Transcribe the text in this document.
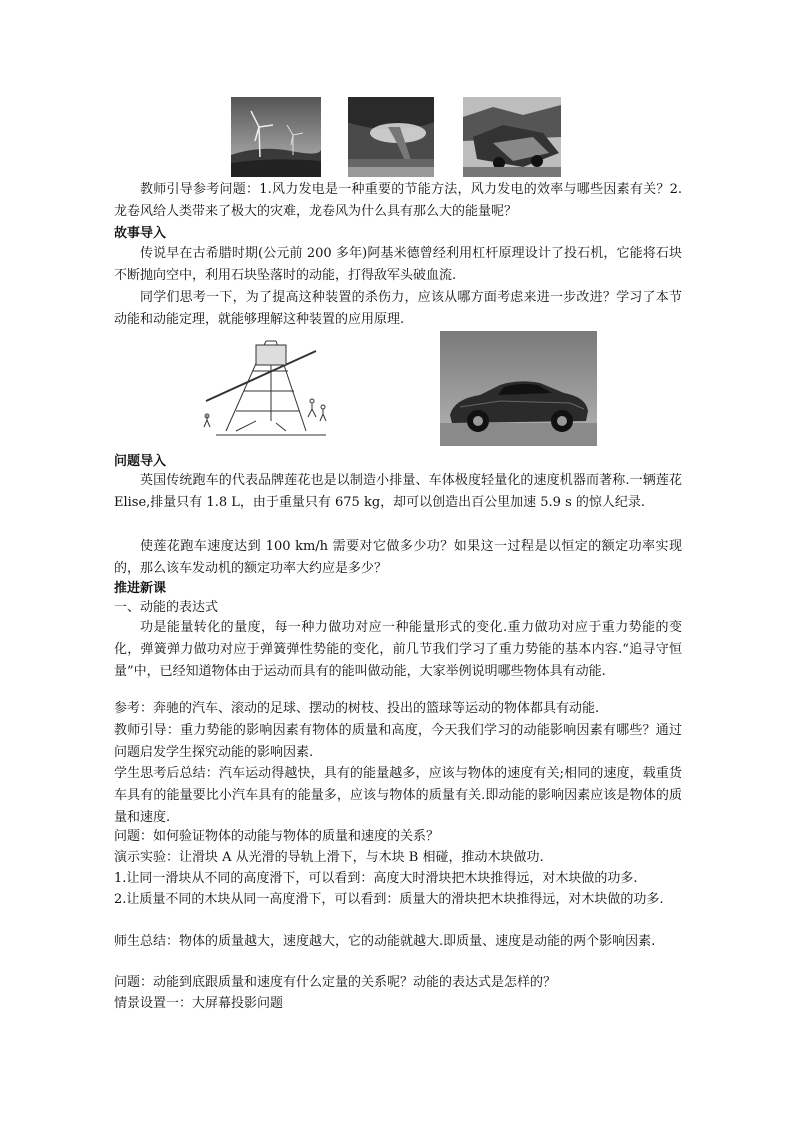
教师引导参考问题：1.风力发电是一种重要的节能方法，风力发电的效率与哪些因素有关？2.龙卷风给人类带来了极大的灾难，龙卷风为什么具有那么大的能量呢？

故事导入

传说早在古希腊时期(公元前 200 多年)阿基米德曾经利用杠杆原理设计了投石机，它能将石块不断抛向空中，利用石块坠落时的动能，打得敌军头破血流.

同学们思考一下，为了提高这种装置的杀伤力，应该从哪方面考虑来进一步改进？学习了本节动能和动能定理，就能够理解这种装置的应用原理.

问题导入

英国传统跑车的代表品牌莲花也是以制造小排量、车体极度轻量化的速度机器而著称.一辆莲花 Elise,排量只有 1.8 L，由于重量只有 675 kg，却可以创造出百公里加速 5.9 s 的惊人纪录.

使莲花跑车速度达到 100 km/h 需要对它做多少功？如果这一过程是以恒定的额定功率实现的，那么该车发动机的额定功率大约应是多少？

推进新课

一、动能的表达式

功是能量转化的量度，每一种力做功对应一种能量形式的变化.重力做功对应于重力势能的变化，弹簧弹力做功对应于弹簧弹性势能的变化，前几节我们学习了重力势能的基本内容.“追寻守恒量”中，已经知道物体由于运动而具有的能叫做动能，大家举例说明哪些物体具有动能.

参考：奔驰的汽车、滚动的足球、摆动的树枝、投出的篮球等运动的物体都具有动能.

教师引导：重力势能的影响因素有物体的质量和高度，今天我们学习的动能影响因素有哪些？通过问题启发学生探究动能的影响因素.

学生思考后总结：汽车运动得越快，具有的能量越多，应该与物体的速度有关;相同的速度，载重货车具有的能量要比小汽车具有的能量多，应该与物体的质量有关.即动能的影响因素应该是物体的质量和速度.

问题：如何验证物体的动能与物体的质量和速度的关系？

演示实验：让滑块 A 从光滑的导轨上滑下，与木块 B 相碰，推动木块做功.

1.让同一滑块从不同的高度滑下，可以看到：高度大时滑块把木块推得远，对木块做的功多.

2.让质量不同的木块从同一高度滑下，可以看到：质量大的滑块把木块推得远，对木块做的功多.

师生总结：物体的质量越大，速度越大，它的动能就越大.即质量、速度是动能的两个影响因素.

问题：动能到底跟质量和速度有什么定量的关系呢？动能的表达式是怎样的？

情景设置一：大屏幕投影问题
